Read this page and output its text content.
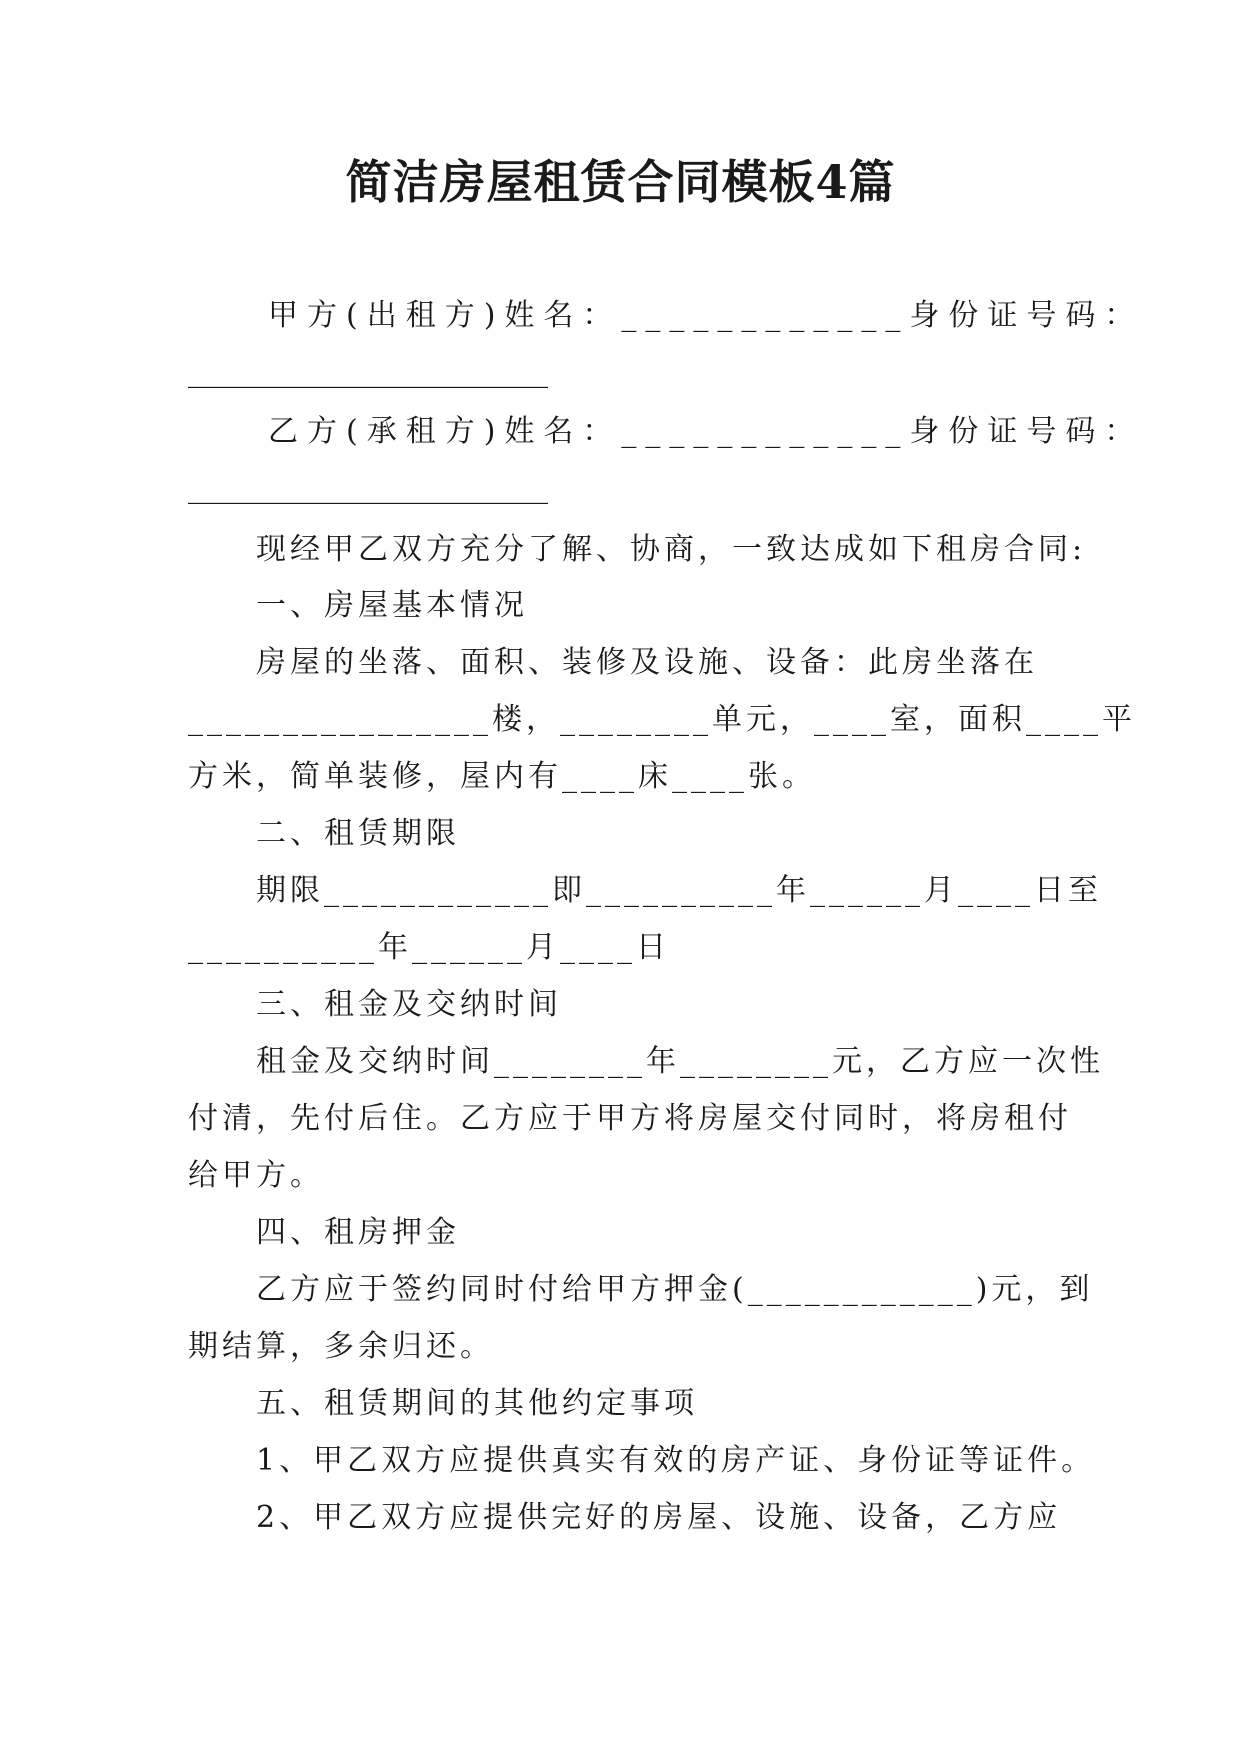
简洁房屋租赁合同模板4篇
甲方(出租方)姓名：____________身份证号码：
________________________
乙方(承租方)姓名：____________身份证号码：
________________________
现经甲乙双方充分了解、协商，一致达成如下租房合同:
一、房屋基本情况
房屋的坐落、面积、装修及设施、设备：此房坐落在
________________楼，________单元，____室，面积____平
方米，简单装修，屋内有____床____张。
二、租赁期限
期限____________即__________年______月____日至
__________年______月____日
三、租金及交纳时间
租金及交纳时间________年________元，乙方应一次性
付清，先付后住。乙方应于甲方将房屋交付同时，将房租付
给甲方。
四、租房押金
乙方应于签约同时付给甲方押金(____________)元，到
期结算，多余归还。
五、租赁期间的其他约定事项
1、甲乙双方应提供真实有效的房产证、身份证等证件。
2、甲乙双方应提供完好的房屋、设施、设备，乙方应
